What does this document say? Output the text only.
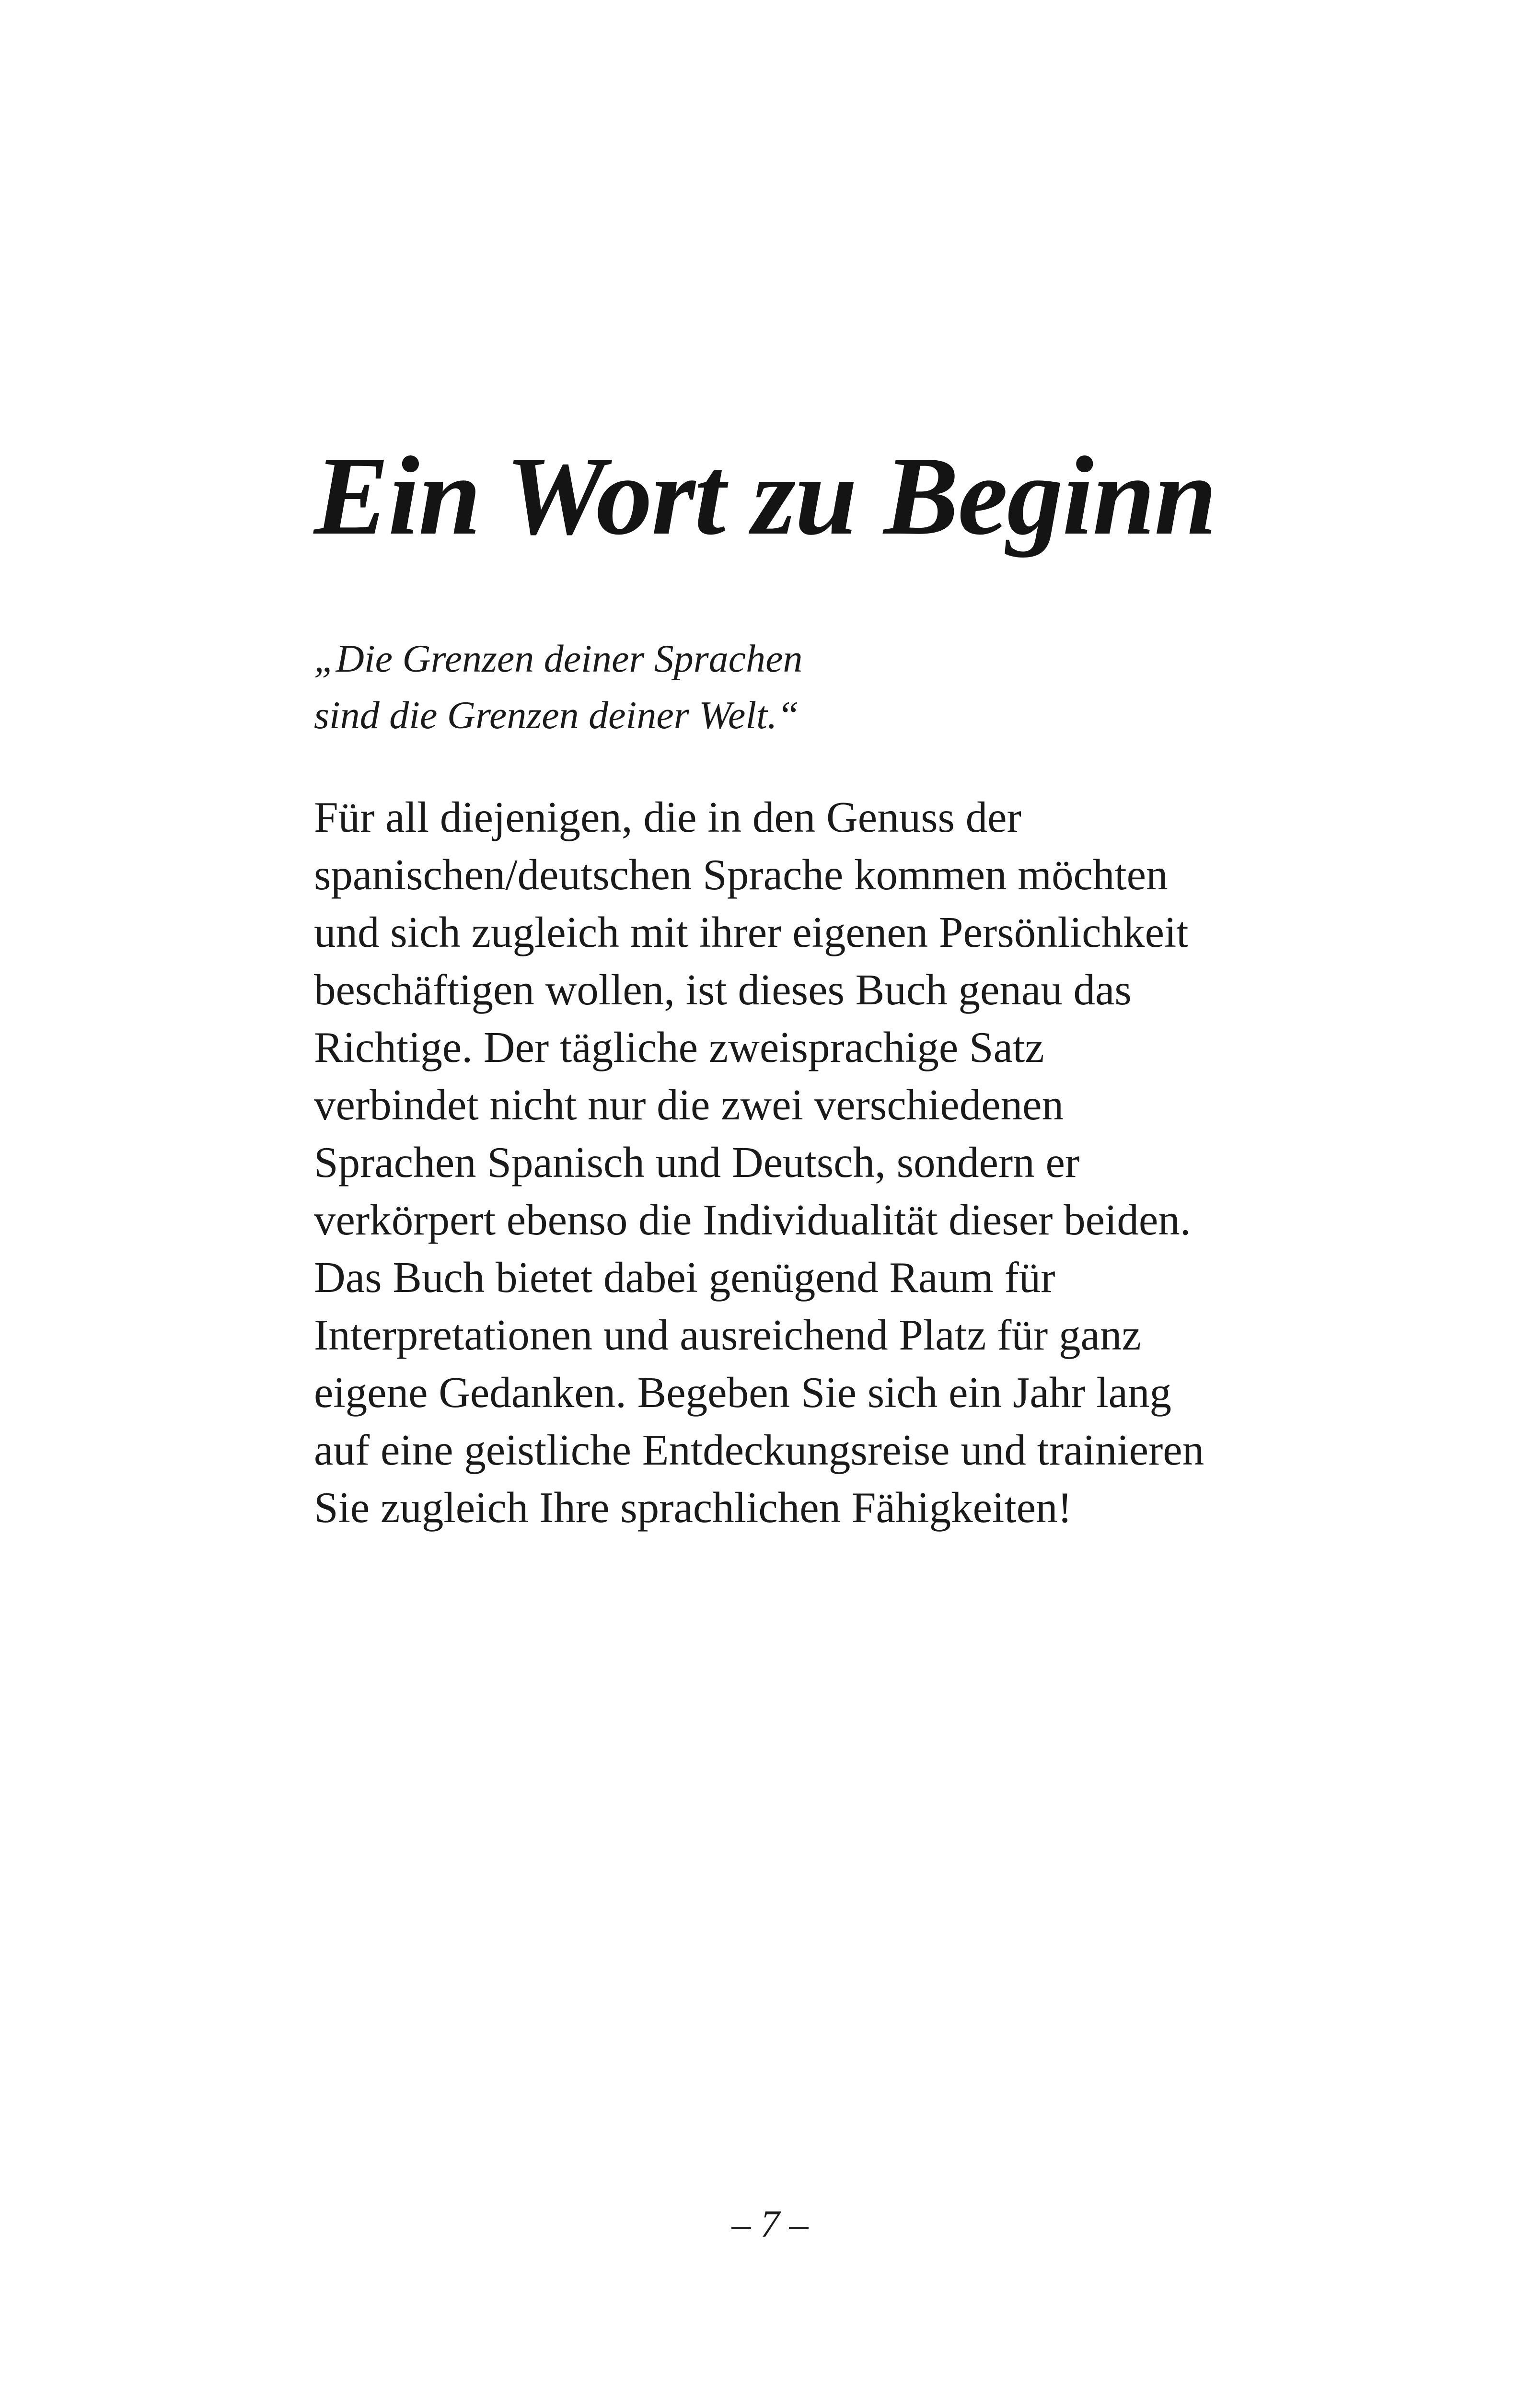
Ein Wort zu Beginn
„Die Grenzen deiner Sprachen
sind die Grenzen deiner Welt.“
Für all diejenigen, die in den Genuss der
spanischen/deutschen Sprache kommen möchten
und sich zugleich mit ihrer eigenen Persönlichkeit
beschäftigen wollen, ist dieses Buch genau das
Richtige. Der tägliche zweisprachige Satz
verbindet nicht nur die zwei verschiedenen
Sprachen Spanisch und Deutsch, sondern er
verkörpert ebenso die Individualität dieser beiden.
Das Buch bietet dabei genügend Raum für
Interpretationen und ausreichend Platz für ganz
eigene Gedanken. Begeben Sie sich ein Jahr lang
auf eine geistliche Entdeckungsreise und trainieren
Sie zugleich Ihre sprachlichen Fähigkeiten!
– 7 –
